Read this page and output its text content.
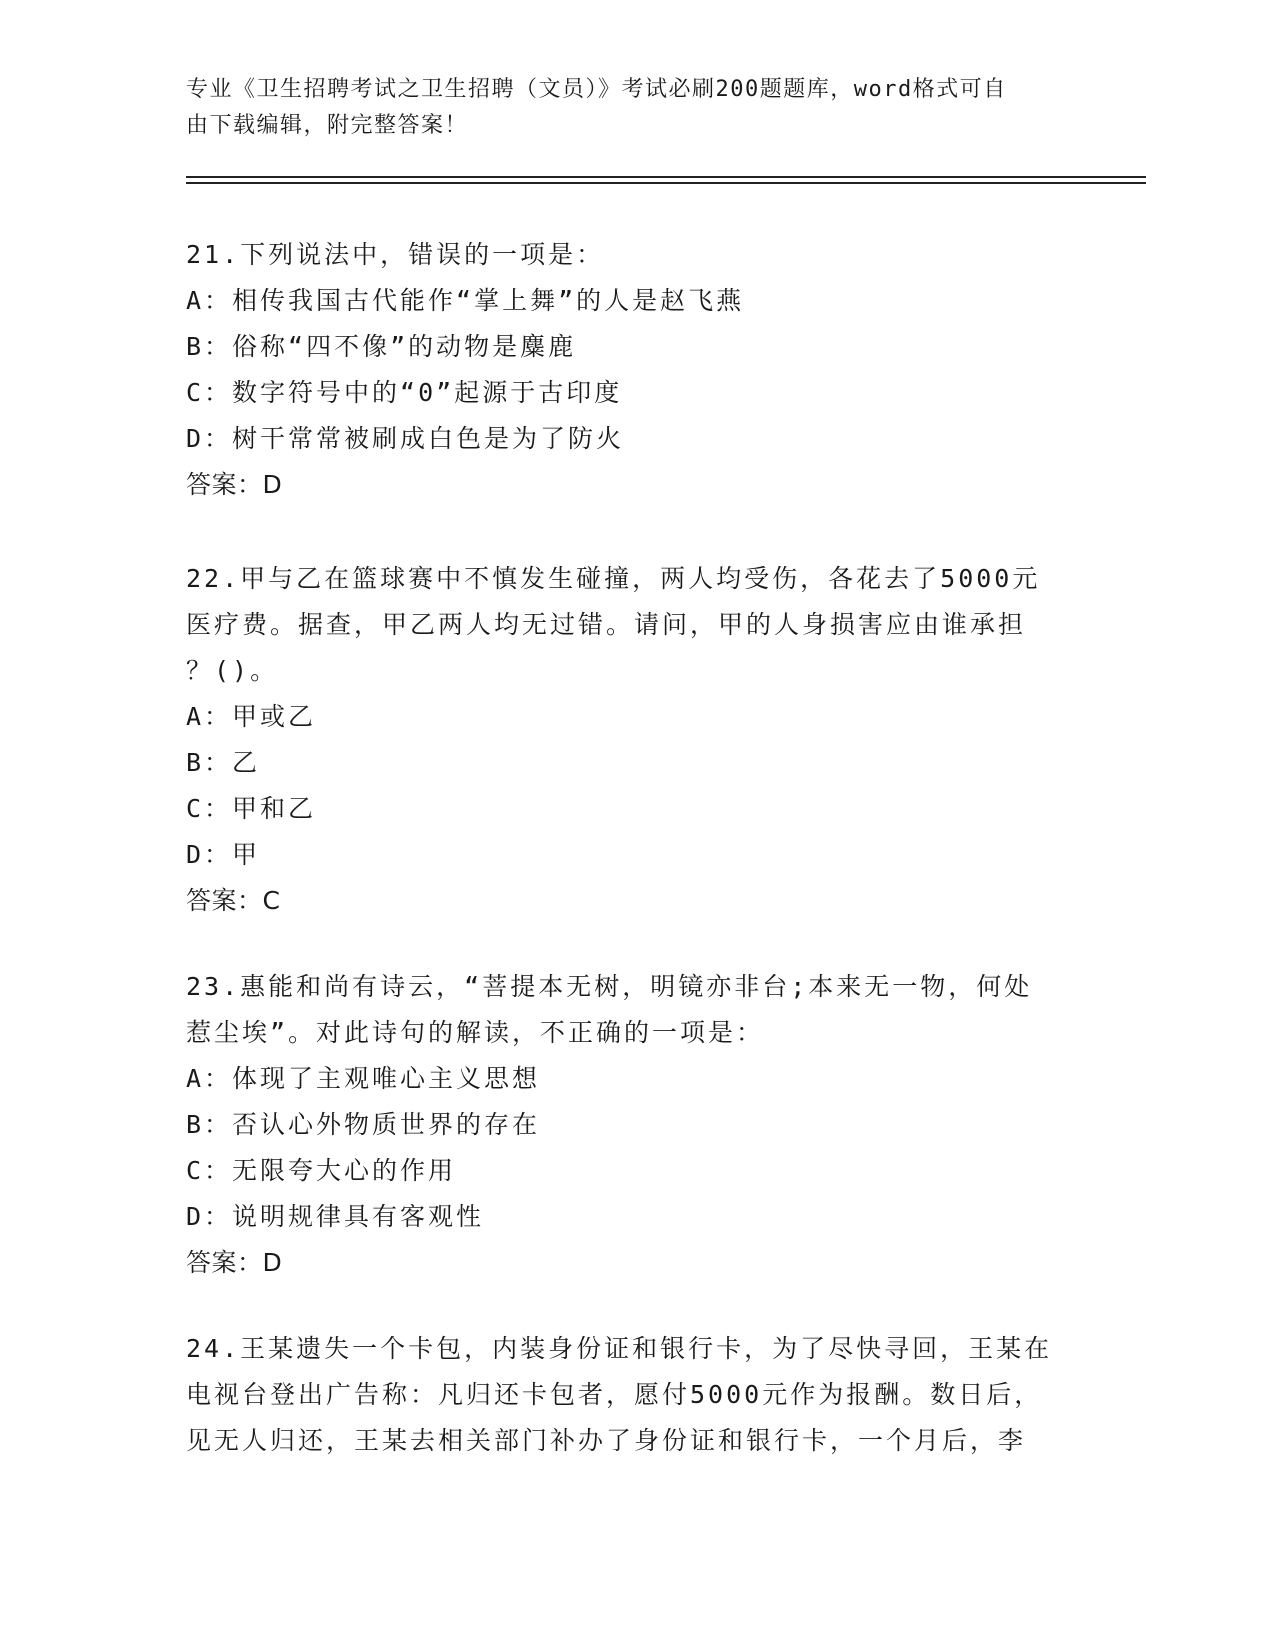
专业《卫生招聘考试之卫生招聘（文员）》考试必刷200题题库，word格式可自
由下载编辑，附完整答案！
21.下列说法中，错误的一项是：
A：相传我国古代能作“掌上舞”的人是赵飞燕
B：俗称“四不像”的动物是麋鹿
C：数字符号中的“0”起源于古印度
D：树干常常被刷成白色是为了防火
答案：D
22.甲与乙在篮球赛中不慎发生碰撞，两人均受伤，各花去了5000元
医疗费。据查，甲乙两人均无过错。请问，甲的人身损害应由谁承担
？()。
A：甲或乙
B：乙
C：甲和乙
D：甲
答案：C
23.惠能和尚有诗云，“菩提本无树，明镜亦非台;本来无一物，何处
惹尘埃”。对此诗句的解读，不正确的一项是：
A：体现了主观唯心主义思想
B：否认心外物质世界的存在
C：无限夸大心的作用
D：说明规律具有客观性
答案：D
24.王某遗失一个卡包，内装身份证和银行卡，为了尽快寻回，王某在
电视台登出广告称：凡归还卡包者，愿付5000元作为报酬。数日后，
见无人归还，王某去相关部门补办了身份证和银行卡，一个月后，李
